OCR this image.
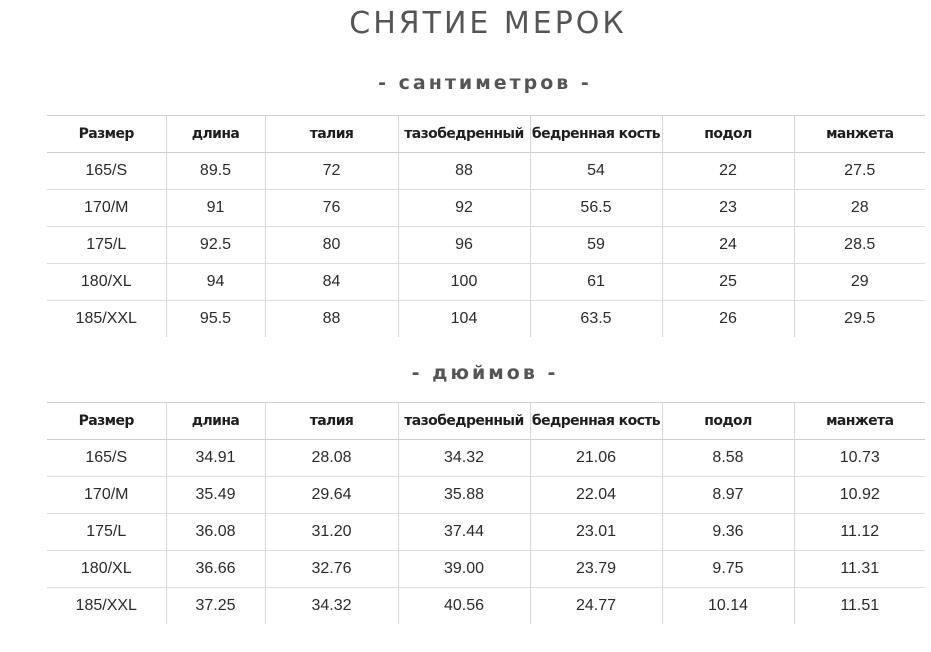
СНЯТИЕ МЕРОК
- сантиметров -
Размер	длина	талия	тазобедренный	бедренная кость	подол	манжета
165/S	89.5	72	88	54	22	27.5
170/M	91	76	92	56.5	23	28
175/L	92.5	80	96	59	24	28.5
180/XL	94	84	100	61	25	29
185/XXL	95.5	88	104	63.5	26	29.5
- дюймов -
Размер	длина	талия	тазобедренный	бедренная кость	подол	манжета
165/S	34.91	28.08	34.32	21.06	8.58	10.73
170/M	35.49	29.64	35.88	22.04	8.97	10.92
175/L	36.08	31.20	37.44	23.01	9.36	11.12
180/XL	36.66	32.76	39.00	23.79	9.75	11.31
185/XXL	37.25	34.32	40.56	24.77	10.14	11.51
